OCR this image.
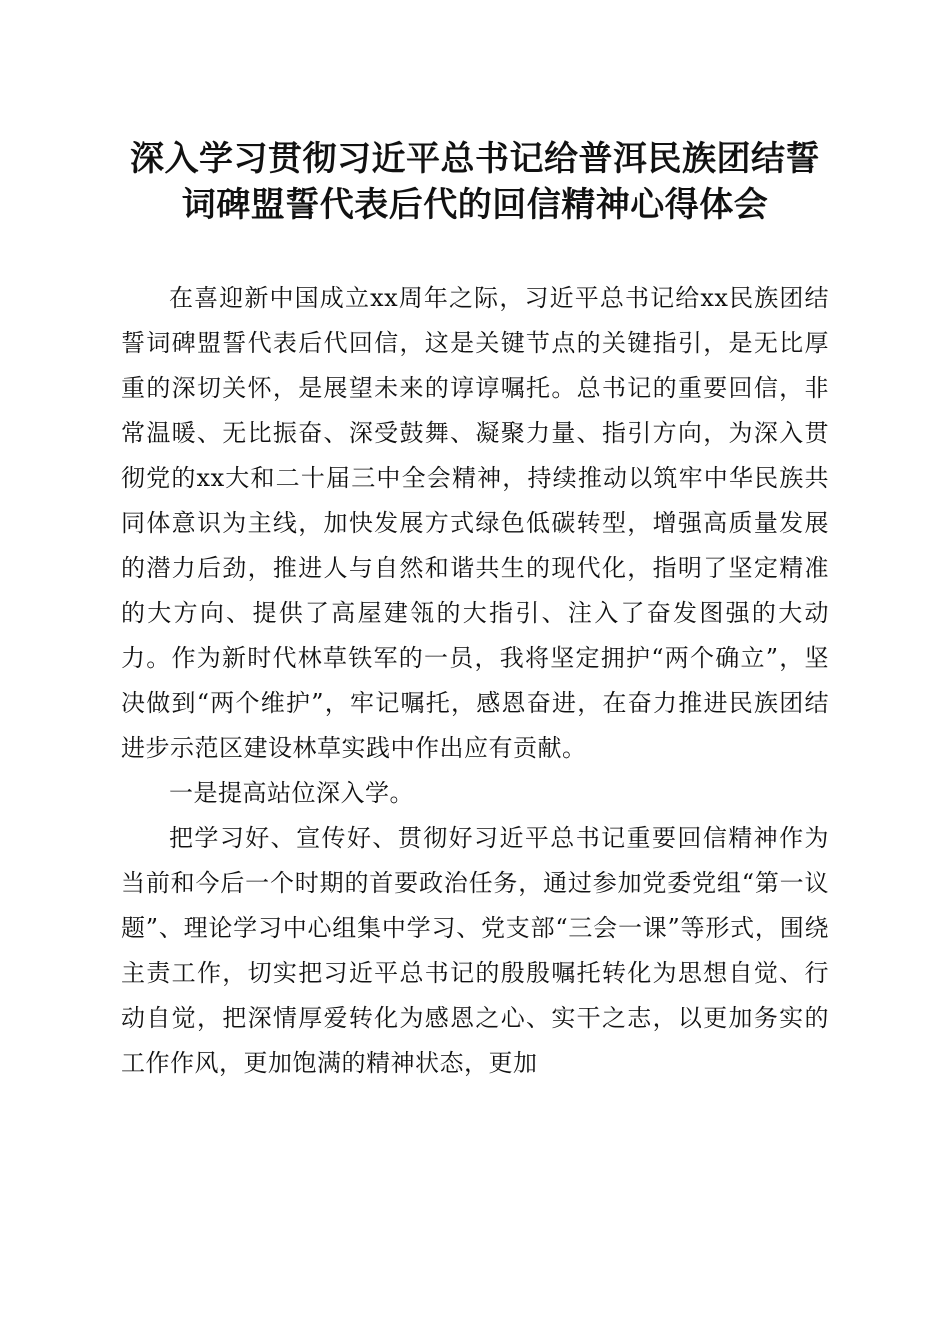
深入学习贯彻习近平总书记给普洱民族团结誓
词碑盟誓代表后代的回信精神心得体会

在喜迎新中国成立xx周年之际，习近平总书记给xx民族团结誓词碑盟誓代表后代回信，这是关键节点的关键指引，是无比厚重的深切关怀，是展望未来的谆谆嘱托。总书记的重要回信，非常温暖、无比振奋、深受鼓舞、凝聚力量、指引方向，为深入贯彻党的xx大和二十届三中全会精神，持续推动以筑牢中华民族共同体意识为主线，加快发展方式绿色低碳转型，增强高质量发展的潜力后劲，推进人与自然和谐共生的现代化，指明了坚定精准的大方向、提供了高屋建瓴的大指引、注入了奋发图强的大动力。作为新时代林草铁军的一员，我将坚定拥护“两个确立”，坚决做到“两个维护”，牢记嘱托，感恩奋进，在奋力推进民族团结进步示范区建设林草实践中作出应有贡献。

一是提高站位深入学。

把学习好、宣传好、贯彻好习近平总书记重要回信精神作为当前和今后一个时期的首要政治任务，通过参加党委党组“第一议题”、理论学习中心组集中学习、党支部“三会一课”等形式，围绕主责工作，切实把习近平总书记的殷殷嘱托转化为思想自觉、行动自觉，把深情厚爱转化为感恩之心、实干之志，以更加务实的工作作风，更加饱满的精神状态，更加
